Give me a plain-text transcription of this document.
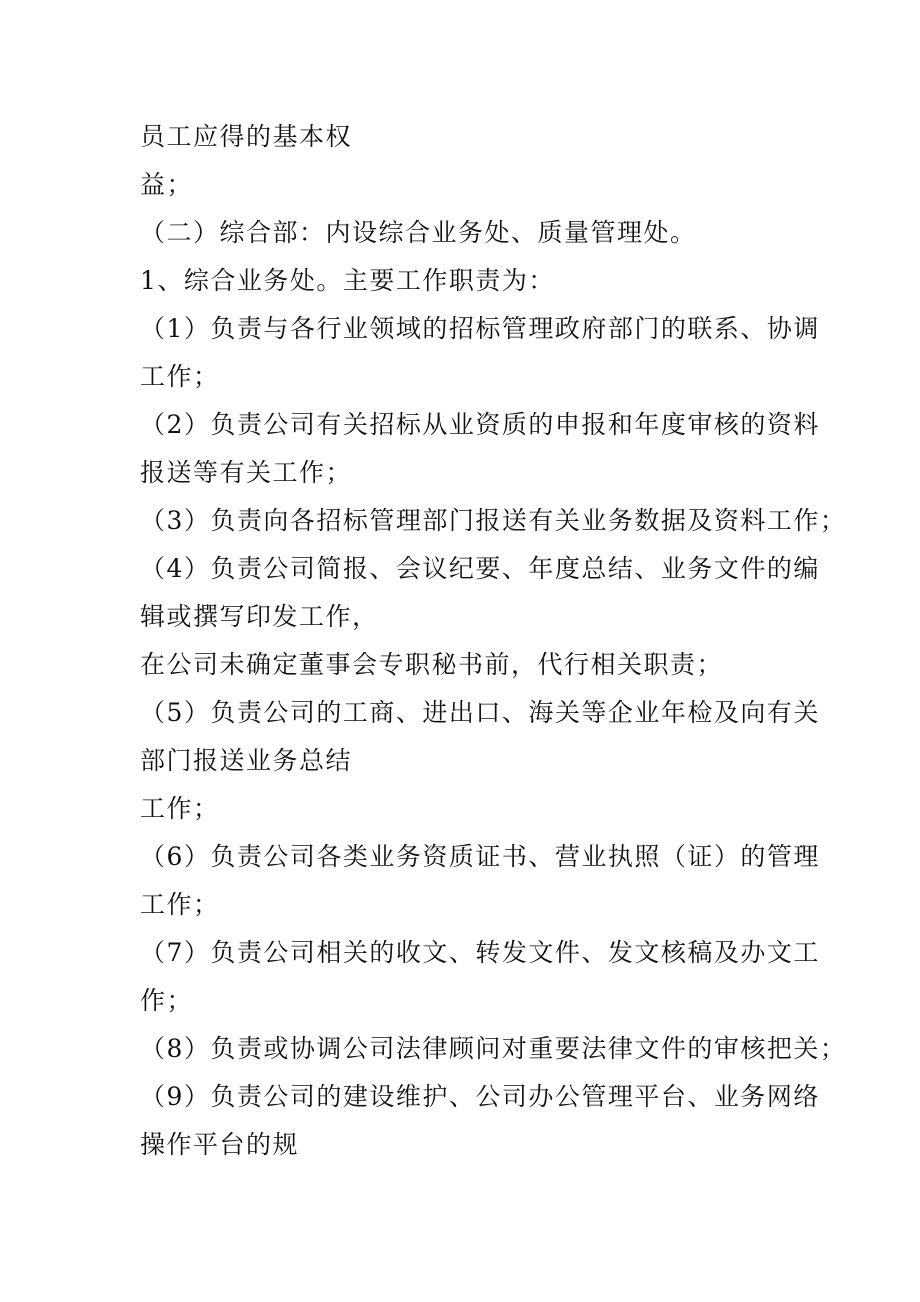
员工应得的基本权
益；
（二）综合部：内设综合业务处、质量管理处。
1、综合业务处。主要工作职责为：
（1）负责与各行业领域的招标管理政府部门的联系、协调
工作；
（2）负责公司有关招标从业资质的申报和年度审核的资料
报送等有关工作；
（3）负责向各招标管理部门报送有关业务数据及资料工作；
（4）负责公司简报、会议纪要、年度总结、业务文件的编
辑或撰写印发工作，
在公司未确定董事会专职秘书前，代行相关职责；
（5）负责公司的工商、进出口、海关等企业年检及向有关
部门报送业务总结
工作；
（6）负责公司各类业务资质证书、营业执照（证）的管理
工作；
（7）负责公司相关的收文、转发文件、发文核稿及办文工
作；
（8）负责或协调公司法律顾问对重要法律文件的审核把关；
（9）负责公司的建设维护、公司办公管理平台、业务网络
操作平台的规
